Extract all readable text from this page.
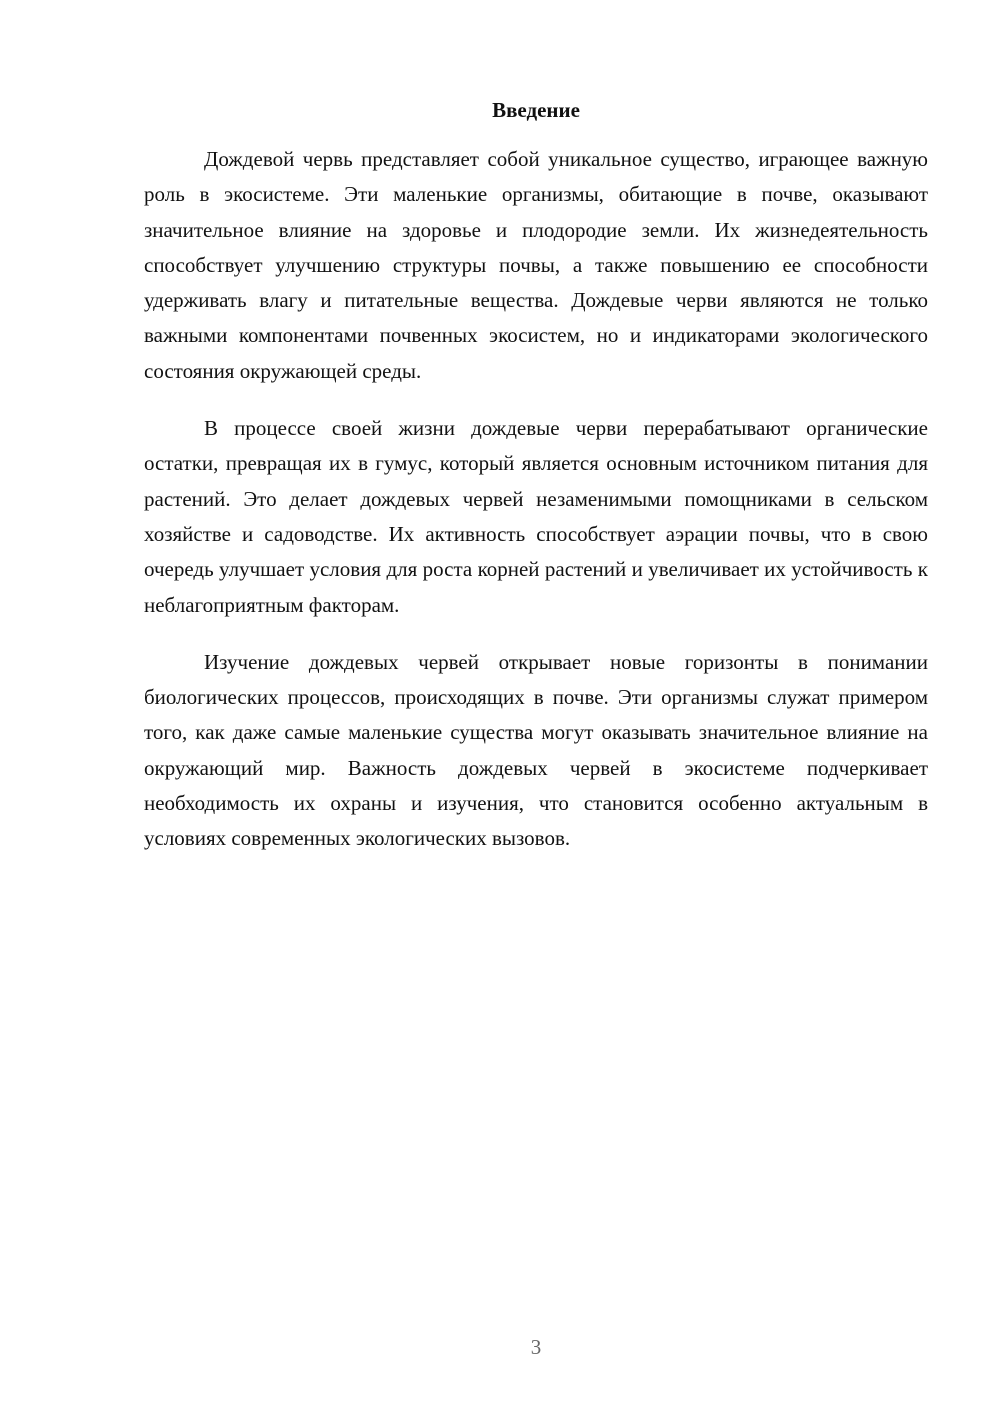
Введение

Дождевой червь представляет собой уникальное существо, играющее важную роль в экосистеме. Эти маленькие организмы, обитающие в почве, оказывают значительное влияние на здоровье и плодородие земли. Их жизнедеятельность способствует улучшению структуры почвы, а также повышению ее способности удерживать влагу и питательные вещества. Дождевые черви являются не только важными компонентами почвенных экосистем, но и индикаторами экологического состояния окружающей среды.

В процессе своей жизни дождевые черви перерабатывают органические остатки, превращая их в гумус, который является основным источником питания для растений. Это делает дождевых червей незаменимыми помощниками в сельском хозяйстве и садоводстве. Их активность способствует аэрации почвы, что в свою очередь улучшает условия для роста корней растений и увеличивает их устойчивость к неблагоприятным факторам.

Изучение дождевых червей открывает новые горизонты в понимании биологических процессов, происходящих в почве. Эти организмы служат примером того, как даже самые маленькие существа могут оказывать значительное влияние на окружающий мир. Важность дождевых червей в экосистеме подчеркивает необходимость их охраны и изучения, что становится особенно актуальным в условиях современных экологических вызовов.

3
